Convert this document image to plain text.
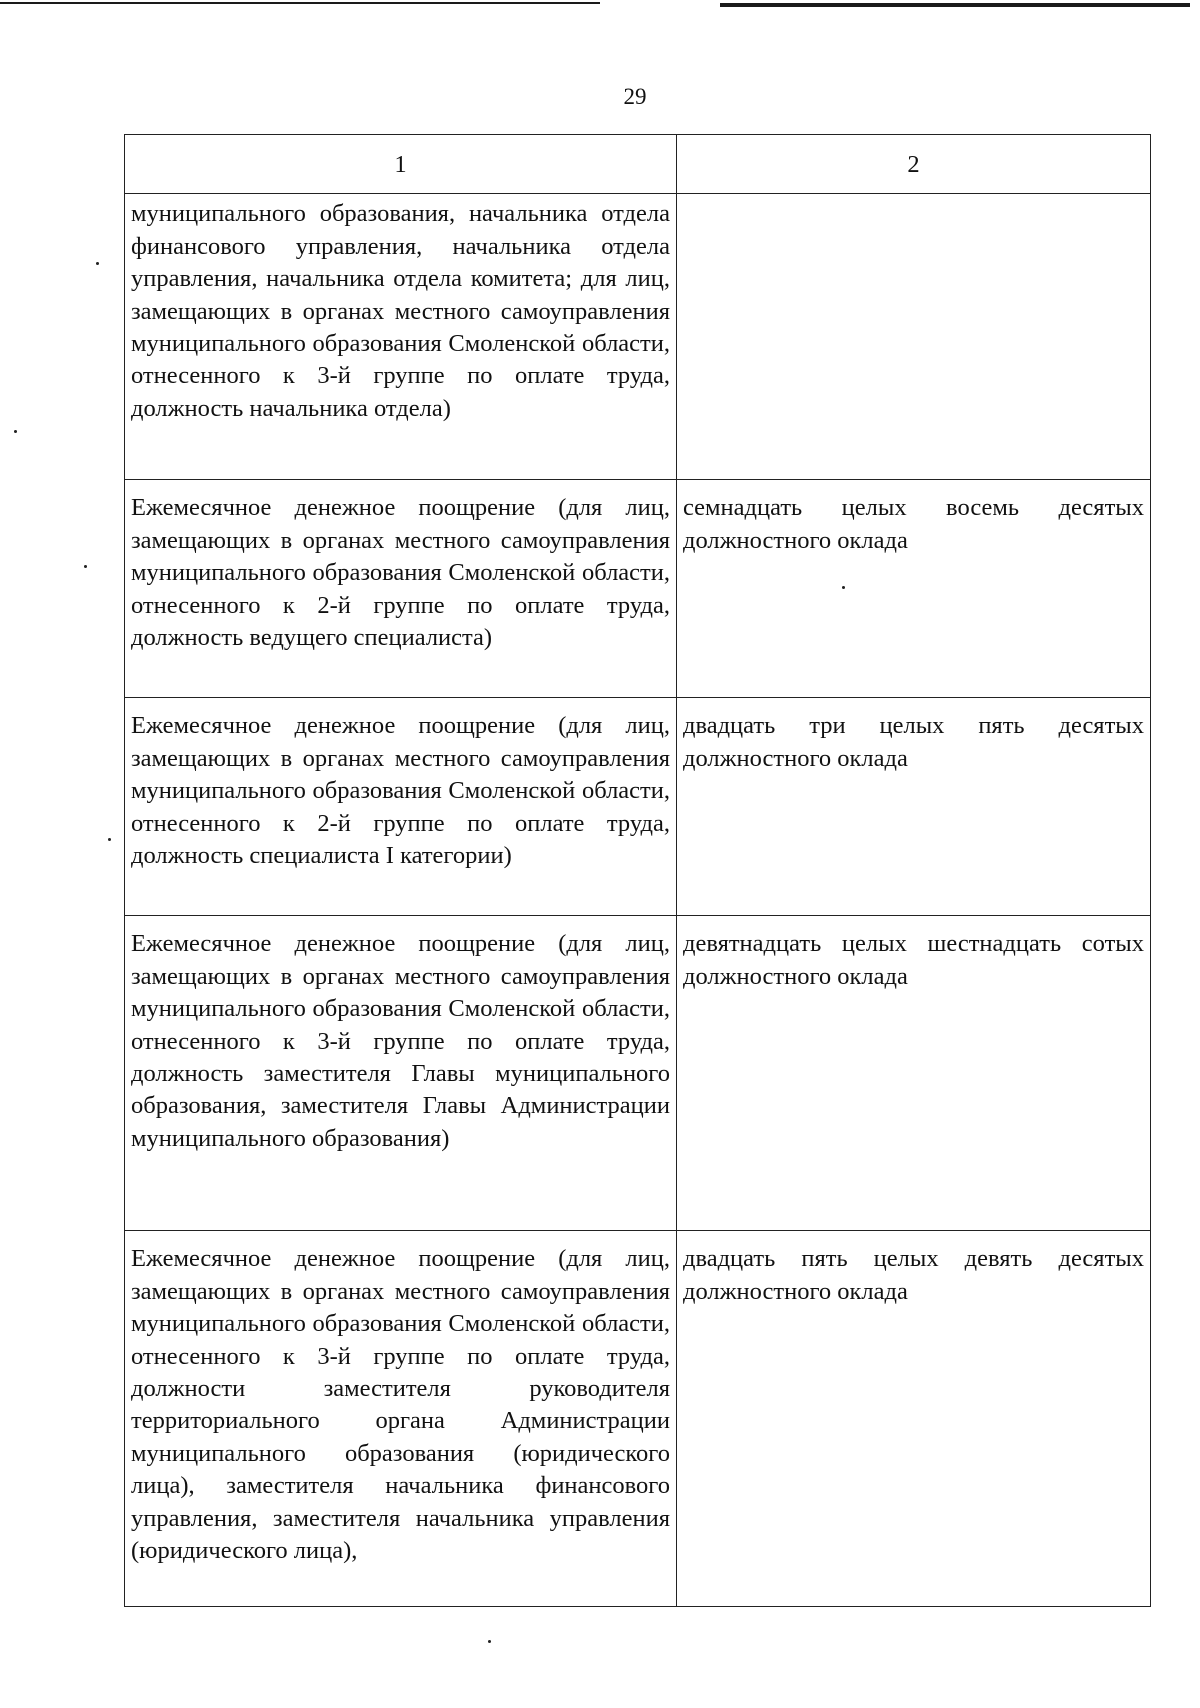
29
1	2

муниципального образования, начальника отдела финансового управления, начальника отдела управления, начальника отдела комитета; для лиц, замещающих в органах местного самоуправления муниципального образования Смоленской области, отнесенного к 3-й группе по оплате труда, должность начальника отдела)	

Ежемесячное денежное поощрение (для лиц, замещающих в органах местного самоуправления муниципального образования Смоленской области, отнесенного к 2-й группе по оплате труда, должность ведущего специалиста)	семнадцать целых восемь десятых должностного оклада

Ежемесячное денежное поощрение (для лиц, замещающих в органах местного самоуправления муниципального образования Смоленской области, отнесенного к 2-й группе по оплате труда, должность специалиста I категории)	двадцать три целых пять десятых должностного оклада

Ежемесячное денежное поощрение (для лиц, замещающих в органах местного самоуправления муниципального образования Смоленской области, отнесенного к 3-й группе по оплате труда, должность заместителя Главы муниципального образования, заместителя Главы Администрации муниципального образования)	девятнадцать целых шестнадцать сотых должностного оклада

Ежемесячное денежное поощрение (для лиц, замещающих в органах местного самоуправления муниципального образования Смоленской области, отнесенного к 3-й группе по оплате труда, должности заместителя руководителя территориального органа Администрации муниципального образования (юридического лица), заместителя начальника финансового управления, заместителя начальника управления (юридического лица),	двадцать пять целых девять десятых должностного оклада
